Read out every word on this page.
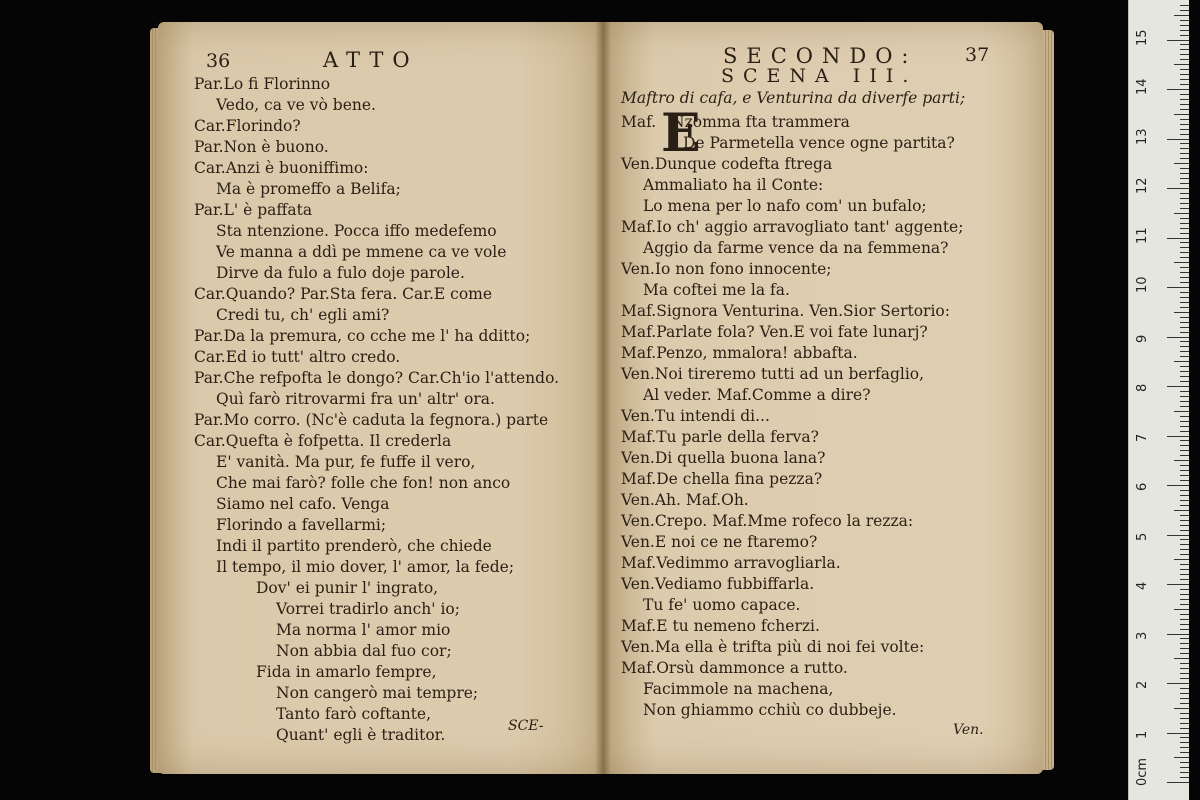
36	ATTO
Par.Lo fi Florinno
Vedo, ca ve vò bene.
Car.Florindo?
Par.Non è buono.
Car.Anzi è buoniffimo:
Ma è promeffo a Belifa;
Par.L' è paffata
Sta ntenzione. Pocca iffo medefemo
Ve manna a ddì pe mmene ca ve vole
Dirve da fulo a fulo doje parole.
Car.Quando? Par.Sta fera. Car.E come
Credi tu, ch' egli ami?
Par.Da la premura, co cche me l' ha dditto;
Car.Ed io tutt' altro credo.
Par.Che refpofta le dongo? Car.Ch'io l'attendo.
Quì farò ritrovarmi fra un' altr' ora.
Par.Mo corro. (Nc'è caduta la fegnora.) parte
Car.Quefta è fofpetta. Il crederla
E' vanità. Ma pur, fe fuffe il vero,
Che mai farò? folle che fon! non anco
Siamo nel cafo. Venga
Florindo a favellarmi;
Indi il partito prenderò, che chiede
Il tempo, il mio dover, l' amor, la fede;
Dov' ei punir l' ingrato,
Vorrei tradirlo anch' io;
Ma norma l' amor mio
Non abbia dal fuo cor;
Fida in amarlo fempre,
Non cangerò mai tempre;
Tanto farò coftante,
Quant' egli è traditor.	SCE-
SECONDO: 37
SCENA III.
Maftro di cafa, e Venturina da diverfe parti;
E
Maf.   Nzomma fta trammera
De Parmetella vence ogne partita?
Ven.Dunque codefta ftrega
Ammaliato ha il Conte:
Lo mena per lo nafo com' un bufalo;
Maf.Io ch' aggio arravogliato tant' aggente;
Aggio da farme vence da na femmena?
Ven.Io non fono innocente;
Ma coftei me la fa.
Maf.Signora Venturina. Ven.Sior Sertorio:
Maf.Parlate fola? Ven.E voi fate lunarj?
Maf.Penzo, mmalora! abbafta.
Ven.Noi tireremo tutti ad un berfaglio,
Al veder. Maf.Comme a dire?
Ven.Tu intendi di...
Maf.Tu parle della ferva?
Ven.Di quella buona lana?
Maf.De chella fina pezza?
Ven.Ah. Maf.Oh.
Ven.Crepo. Maf.Mme rofeco la rezza:
Ven.E noi ce ne ftaremo?
Maf.Vedimmo arravogliarla.
Ven.Vediamo fubbiffarla.
Tu fe' uomo capace.
Maf.E tu nemeno fcherzi.
Ven.Ma ella è trifta più di noi fei volte:
Maf.Orsù dammonce a rutto.
Facimmole na machena,
Non ghiammo cchiù co dubbeje.
Ven.
0cm
1
2
3
4
5
6
7
8
9
10
11
12
13
14
15
